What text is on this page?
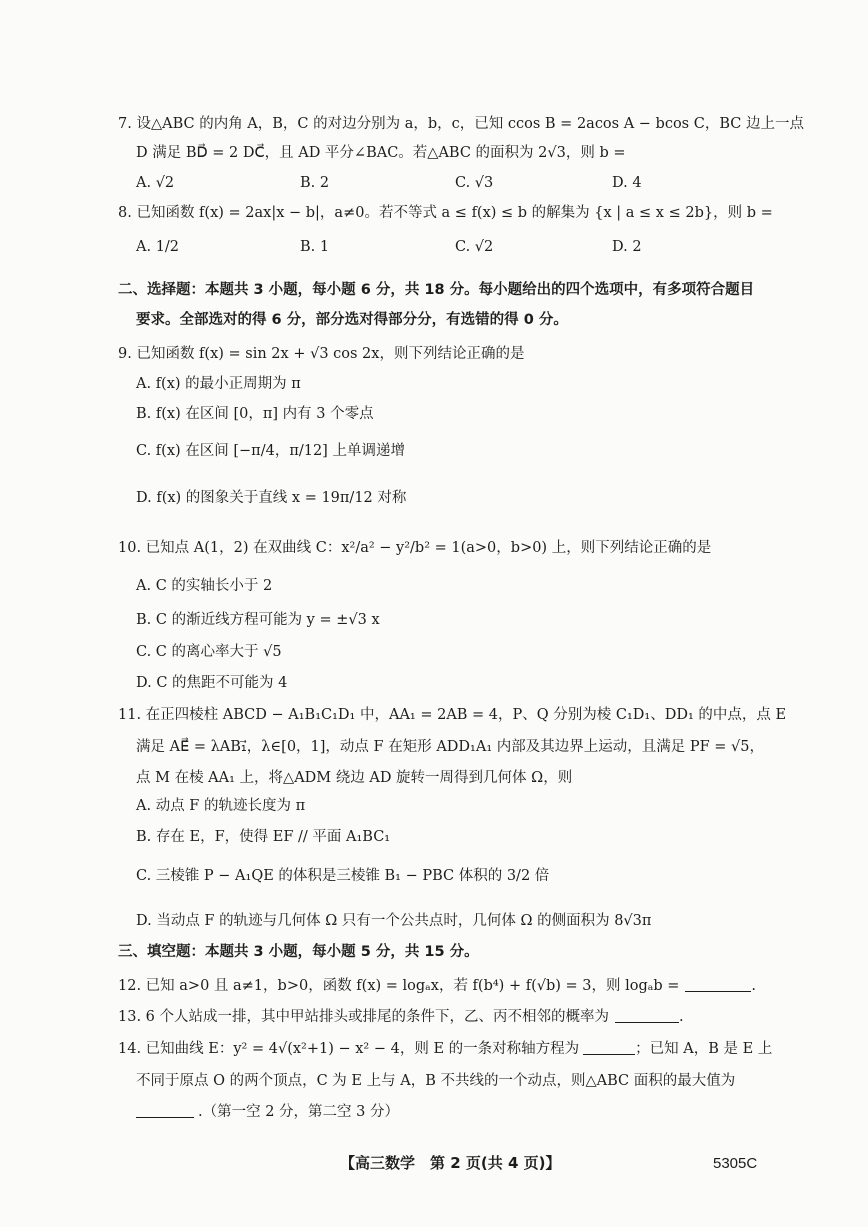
7. 设△ABC 的内角 A，B，C 的对边分别为 a，b，c，已知 ccos B = 2acos A − bcos C，BC 边上一点
D 满足 BD⃗ = 2 DC⃗，且 AD 平分∠BAC。若△ABC 的面积为 2√3，则 b =
A. √2	B. 2	C. √3	D. 4
8. 已知函数 f(x) = 2ax|x − b|，a≠0。若不等式 a ≤ f(x) ≤ b 的解集为 {x | a ≤ x ≤ 2b}，则 b =
A. 1/2	B. 1	C. √2	D. 2
二、选择题：本题共 3 小题，每小题 6 分，共 18 分。每小题给出的四个选项中，有多项符合题目
要求。全部选对的得 6 分，部分选对得部分分，有选错的得 0 分。
9. 已知函数 f(x) = sin 2x + √3 cos 2x，则下列结论正确的是
A. f(x) 的最小正周期为 π
B. f(x) 在区间 [0，π] 内有 3 个零点
C. f(x) 在区间 [−π/4，π/12] 上单调递增
D. f(x) 的图象关于直线 x = 19π/12 对称
10. 已知点 A(1，2) 在双曲线 C：x²/a² − y²/b² = 1(a>0，b>0) 上，则下列结论正确的是
A. C 的实轴长小于 2
B. C 的渐近线方程可能为 y = ±√3 x
C. C 的离心率大于 √5
D. C 的焦距不可能为 4
11. 在正四棱柱 ABCD − A₁B₁C₁D₁ 中，AA₁ = 2AB = 4，P、Q 分别为棱 C₁D₁、DD₁ 的中点，点 E
满足 AE⃗ = λAB₁⃗，λ∈[0，1]，动点 F 在矩形 ADD₁A₁ 内部及其边界上运动，且满足 PF = √5，
点 M 在棱 AA₁ 上，将△ADM 绕边 AD 旋转一周得到几何体 Ω，则
A. 动点 F 的轨迹长度为 π
B. 存在 E，F，使得 EF // 平面 A₁BC₁
C. 三棱锥 P − A₁QE 的体积是三棱锥 B₁ − PBC 体积的 3/2 倍
D. 当动点 F 的轨迹与几何体 Ω 只有一个公共点时，几何体 Ω 的侧面积为 8√3π
三、填空题：本题共 3 小题，每小题 5 分，共 15 分。
12. 已知 a>0 且 a≠1，b>0，函数 f(x) = logₐx，若 f(b⁴) + f(√b) = 3，则 logₐb =	.
13. 6 个人站成一排，其中甲站排头或排尾的条件下，乙、丙不相邻的概率为	.
14. 已知曲线 E：y² = 4√(x²+1) − x² − 4，则 E 的一条对称轴方程为	；已知 A，B 是 E 上
不同于原点 O 的两个顶点，C 为 E 上与 A，B 不共线的一个动点，则△ABC 面积的最大值为
.（第一空 2 分，第二空 3 分）
【高三数学　第 2 页(共 4 页)】	5305C
